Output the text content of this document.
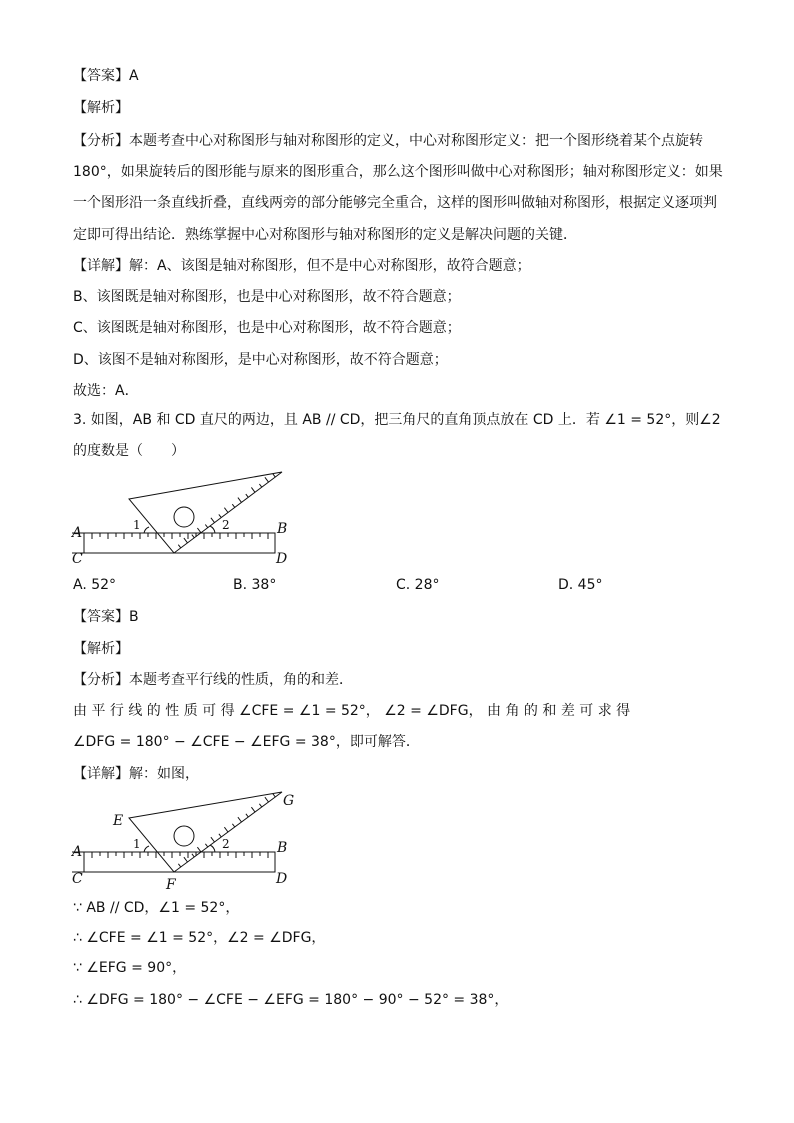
【答案】A
【解析】
【分析】本题考查中心对称图形与轴对称图形的定义，中心对称图形定义：把一个图形绕着某个点旋转
180°，如果旋转后的图形能与原来的图形重合，那么这个图形叫做中心对称图形；轴对称图形定义：如果
一个图形沿一条直线折叠，直线两旁的部分能够完全重合，这样的图形叫做轴对称图形，根据定义逐项判
定即可得出结论．熟练掌握中心对称图形与轴对称图形的定义是解决问题的关键．
【详解】解：A、该图是轴对称图形，但不是中心对称图形，故符合题意；
B、该图既是轴对称图形，也是中心对称图形，故不符合题意；
C、该图既是轴对称图形，也是中心对称图形，故不符合题意；
D、该图不是轴对称图形，是中心对称图形，故不符合题意；
故选：A．
3. 如图，AB 和 CD 直尺的两边，且 AB // CD，把三角尺的直角顶点放在 CD 上．若 ∠1 = 52°，则∠2
的度数是（　　）
A
C
B
D
1	2
A. 52°	B. 38°	C. 28°	D. 45°
【答案】B
【解析】
【分析】本题考查平行线的性质，角的和差．
由 平 行 线 的 性 质 可 得 ∠CFE = ∠1 = 52°， ∠2 = ∠DFG， 由 角 的 和 差 可 求 得
∠DFG = 180° − ∠CFE − ∠EFG = 38°，即可解答．
【详解】解：如图，
A
C
B
D
E
F
G
1	2
∵ AB // CD，∠1 = 52°，
∴ ∠CFE = ∠1 = 52°，∠2 = ∠DFG，
∵ ∠EFG = 90°，
∴ ∠DFG = 180° − ∠CFE − ∠EFG = 180° − 90° − 52° = 38°，
